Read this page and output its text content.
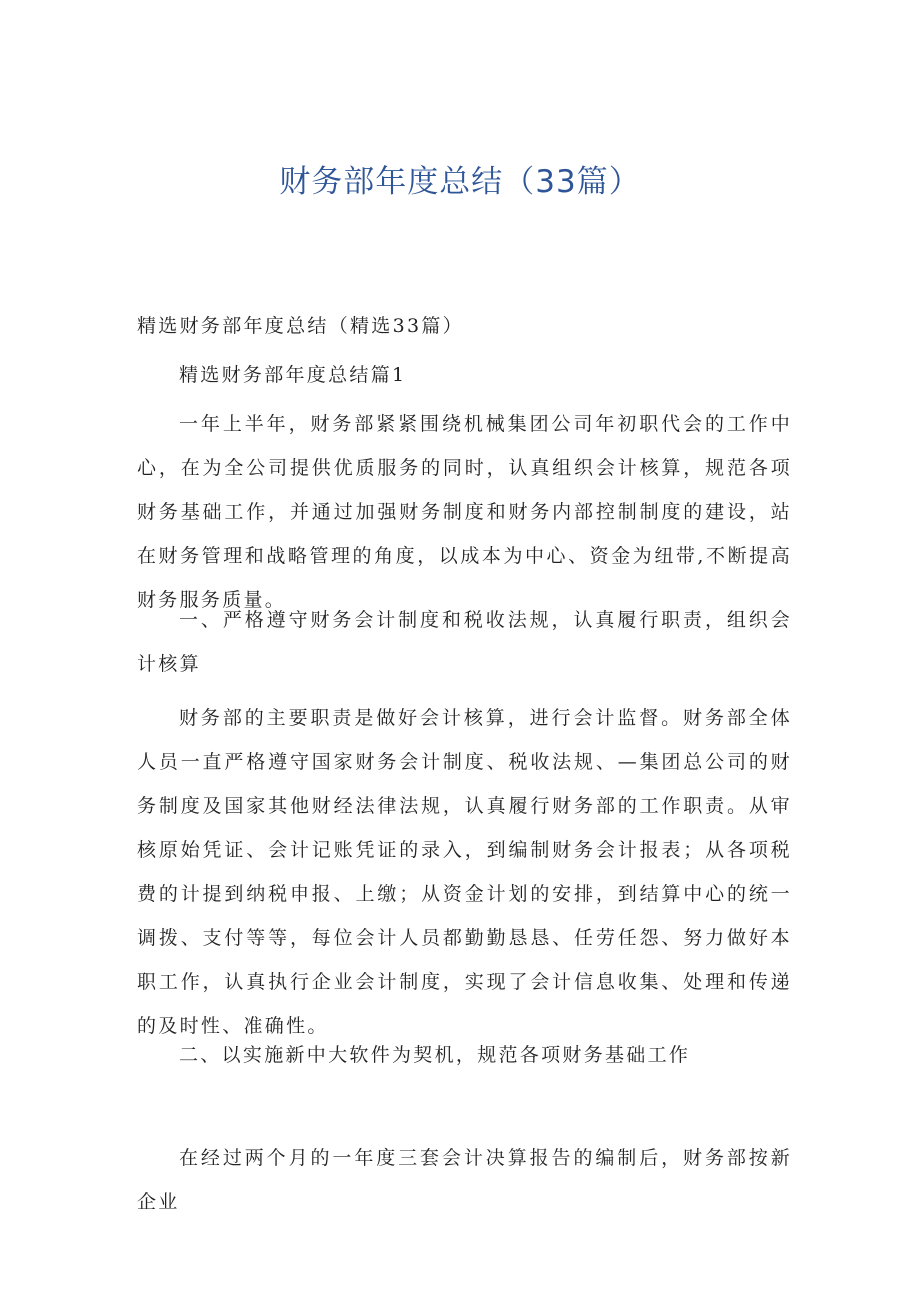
财务部年度总结（33篇）
精选财务部年度总结（精选33篇）

精选财务部年度总结篇1

一年上半年，财务部紧紧围绕机械集团公司年初职代会的工作中心，在为全公司提供优质服务的同时，认真组织会计核算，规范各项财务基础工作，并通过加强财务制度和财务内部控制制度的建设，站在财务管理和战略管理的角度，以成本为中心、资金为纽带,不断提高财务服务质量。

一、严格遵守财务会计制度和税收法规，认真履行职责，组织会计核算

财务部的主要职责是做好会计核算，进行会计监督。财务部全体人员一直严格遵守国家财务会计制度、税收法规、—集团总公司的财务制度及国家其他财经法律法规，认真履行财务部的工作职责。从审核原始凭证、会计记账凭证的录入，到编制财务会计报表；从各项税费的计提到纳税申报、上缴；从资金计划的安排，到结算中心的统一调拨、支付等等，每位会计人员都勤勤恳恳、任劳任怨、努力做好本职工作，认真执行企业会计制度，实现了会计信息收集、处理和传递的及时性、准确性。

二、以实施新中大软件为契机，规范各项财务基础工作

在经过两个月的一年度三套会计决算报告的编制后，财务部按新企业
